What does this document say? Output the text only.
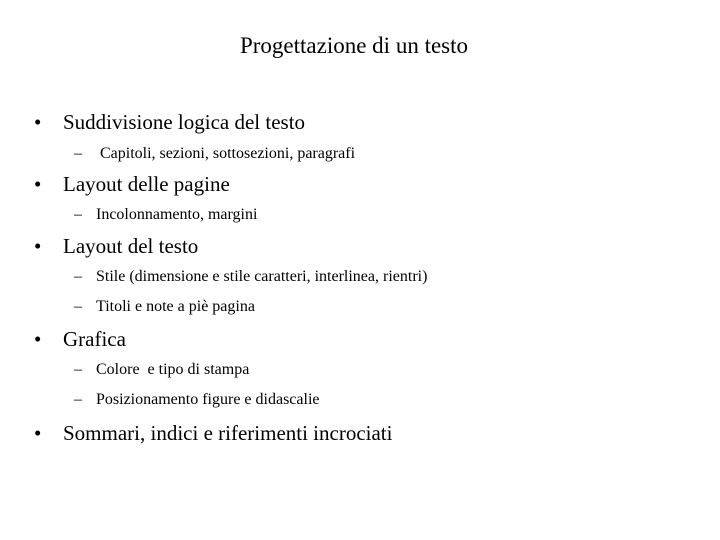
Progettazione di un testo
• Suddivisione logica del testo
– Capitoli, sezioni, sottosezioni, paragrafi
• Layout delle pagine
– Incolonnamento, margini
• Layout del testo
– Stile (dimensione e stile caratteri, interlinea, rientri)
– Titoli e note a piè pagina
• Grafica
– Colore  e tipo di stampa
– Posizionamento figure e didascalie
• Sommari, indici e riferimenti incrociati
